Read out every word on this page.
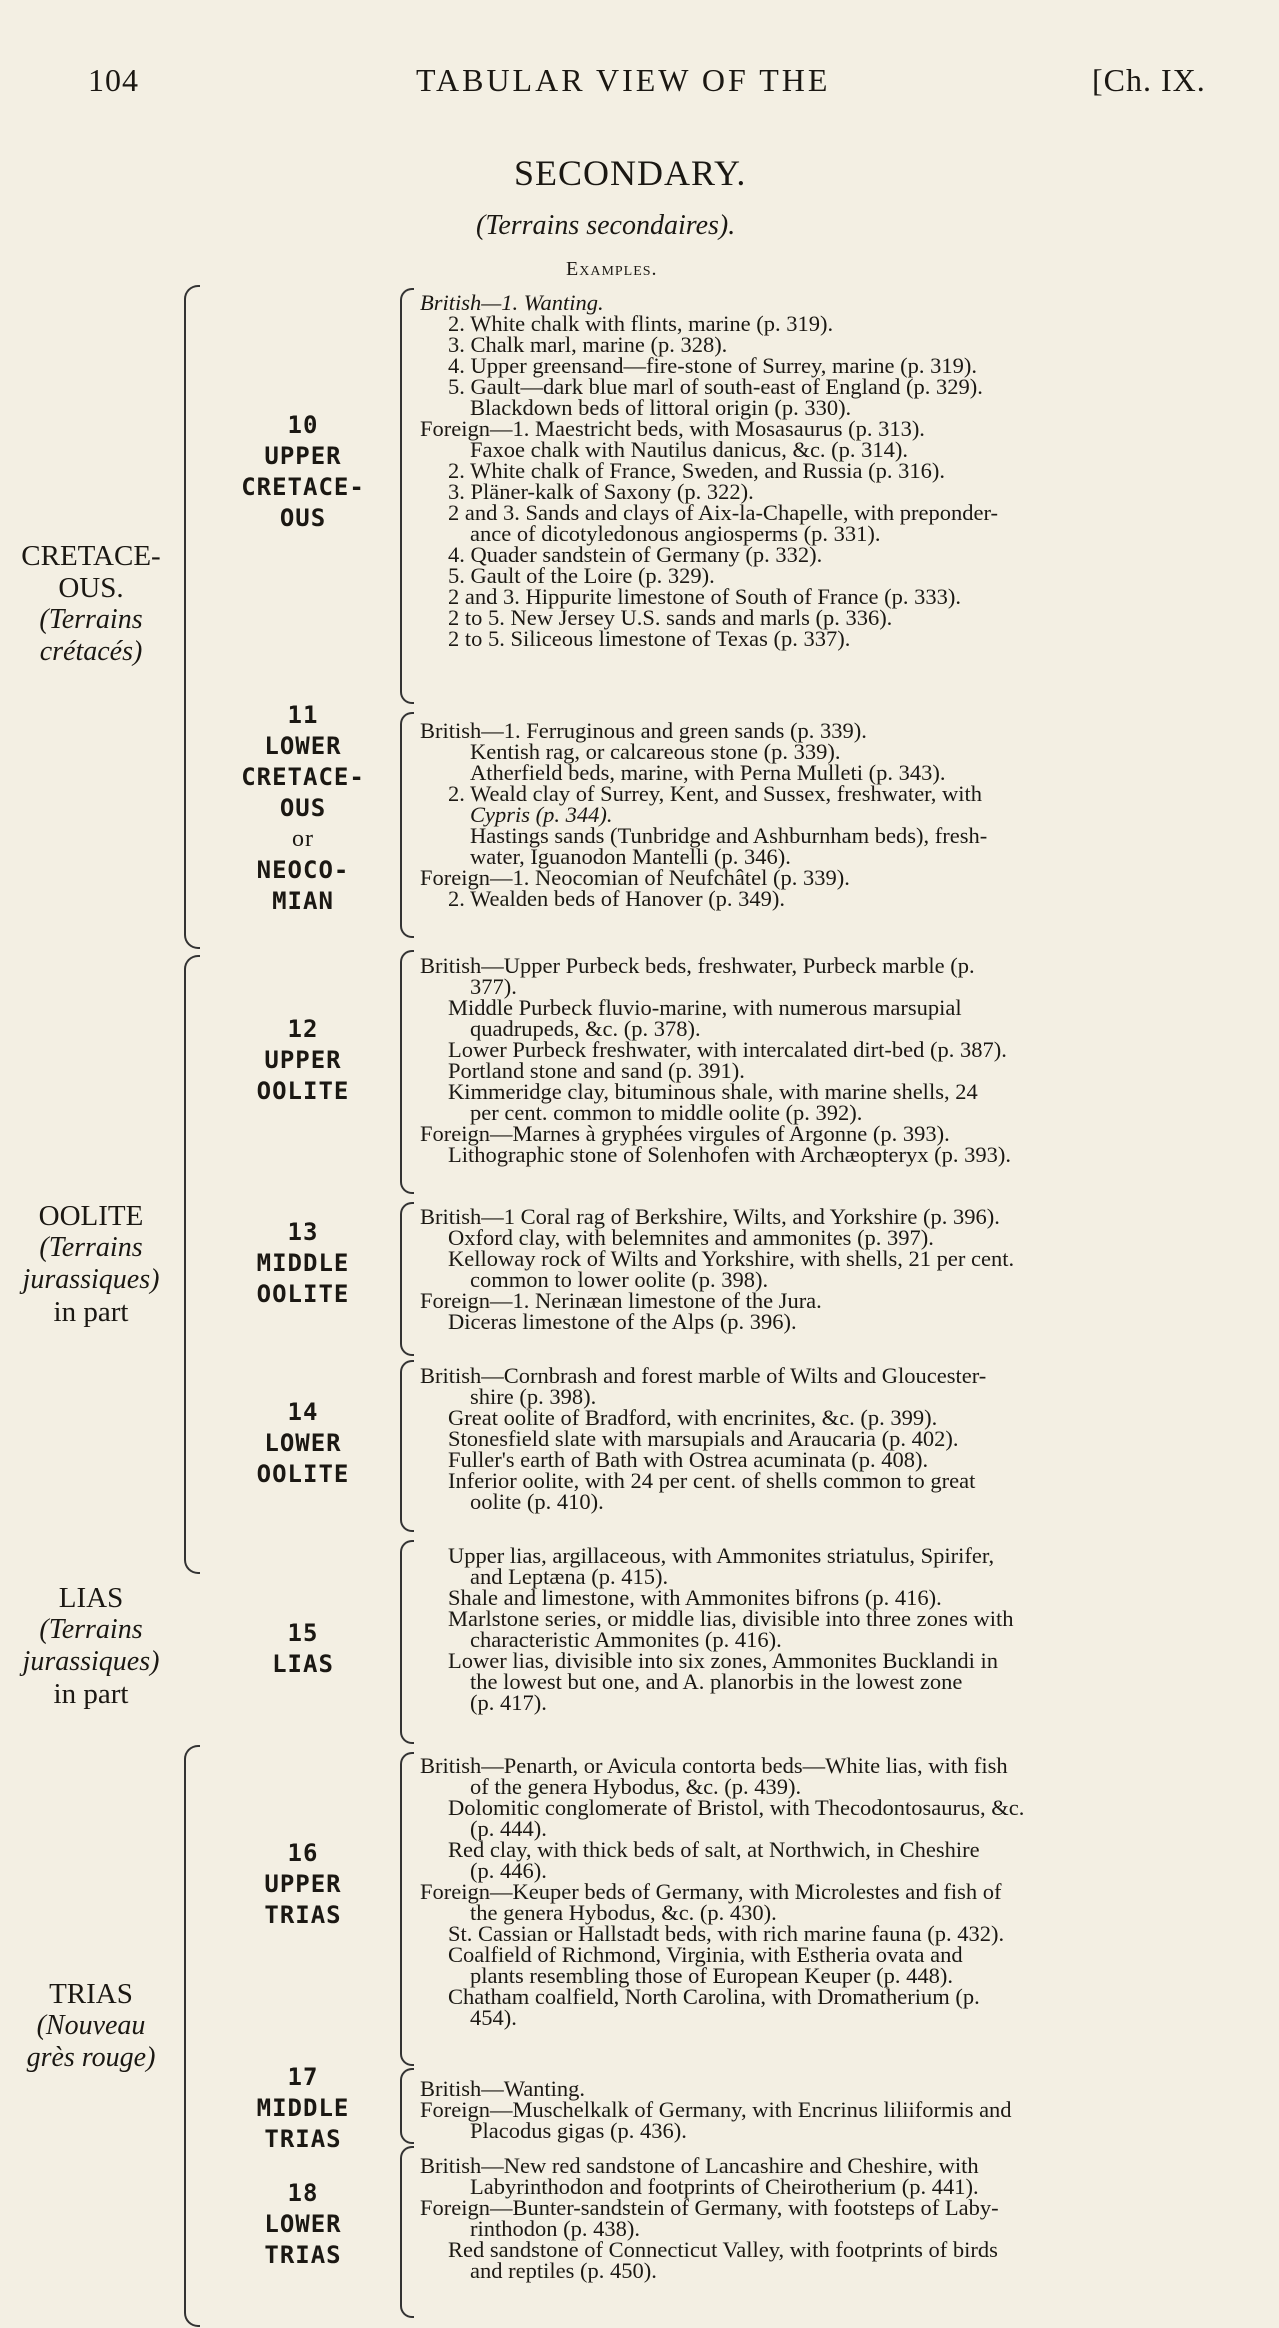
104	TABULAR VIEW OF THE	[Ch. IX.
SECONDARY.
(Terrains secondaires).
Examples.
CRETACE-
OUS.
(Terrains
crétacés)
OOLITE
(Terrains
jurassiques)
in part
LIAS
(Terrains
jurassiques)
in part
TRIAS
(Nouveau
grès rouge)
10
UPPER
CRETACE-
OUS
11
LOWER
CRETACE-
OUS
or
NEOCO-
MIAN
12
UPPER
OOLITE
13
MIDDLE
OOLITE
14
LOWER
OOLITE
15
LIAS
16
UPPER
TRIAS
17
MIDDLE
TRIAS
18
LOWER
TRIAS
British—1. Wanting.
2. White chalk with flints, marine (p. 319).
3. Chalk marl, marine (p. 328).
4. Upper greensand—fire-stone of Surrey, marine (p. 319).
5. Gault—dark blue marl of south-east of England (p. 329).
Blackdown beds of littoral origin (p. 330).
Foreign—1. Maestricht beds, with Mosasaurus (p. 313).
Faxoe chalk with Nautilus danicus, &c. (p. 314).
2. White chalk of France, Sweden, and Russia (p. 316).
3. Pläner-kalk of Saxony (p. 322).
2 and 3. Sands and clays of Aix-la-Chapelle, with preponder-
ance of dicotyledonous angiosperms (p. 331).
4. Quader sandstein of Germany (p. 332).
5. Gault of the Loire (p. 329).
2 and 3. Hippurite limestone of South of France (p. 333).
2 to 5. New Jersey U.S. sands and marls (p. 336).
2 to 5. Siliceous limestone of Texas (p. 337).
British—1. Ferruginous and green sands (p. 339).
Kentish rag, or calcareous stone (p. 339).
Atherfield beds, marine, with Perna Mulleti (p. 343).
2. Weald clay of Surrey, Kent, and Sussex, freshwater, with
Cypris (p. 344).
Hastings sands (Tunbridge and Ashburnham beds), fresh-
water, Iguanodon Mantelli (p. 346).
Foreign—1. Neocomian of Neufchâtel (p. 339).
2. Wealden beds of Hanover (p. 349).
British—Upper Purbeck beds, freshwater, Purbeck marble (p.
377).
Middle Purbeck fluvio-marine, with numerous marsupial
quadrupeds, &c. (p. 378).
Lower Purbeck freshwater, with intercalated dirt-bed (p. 387).
Portland stone and sand (p. 391).
Kimmeridge clay, bituminous shale, with marine shells, 24
per cent. common to middle oolite (p. 392).
Foreign—Marnes à gryphées virgules of Argonne (p. 393).
Lithographic stone of Solenhofen with Archæopteryx (p. 393).
British—1 Coral rag of Berkshire, Wilts, and Yorkshire (p. 396).
Oxford clay, with belemnites and ammonites (p. 397).
Kelloway rock of Wilts and Yorkshire, with shells, 21 per cent.
common to lower oolite (p. 398).
Foreign—1. Nerinæan limestone of the Jura.
Diceras limestone of the Alps (p. 396).
British—Cornbrash and forest marble of Wilts and Gloucester-
shire (p. 398).
Great oolite of Bradford, with encrinites, &c. (p. 399).
Stonesfield slate with marsupials and Araucaria (p. 402).
Fuller's earth of Bath with Ostrea acuminata (p. 408).
Inferior oolite, with 24 per cent. of shells common to great
oolite (p. 410).
Upper lias, argillaceous, with Ammonites striatulus, Spirifer,
and Leptæna (p. 415).
Shale and limestone, with Ammonites bifrons (p. 416).
Marlstone series, or middle lias, divisible into three zones with
characteristic Ammonites (p. 416).
Lower lias, divisible into six zones, Ammonites Bucklandi in
the lowest but one, and A. planorbis in the lowest zone
(p. 417).
British—Penarth, or Avicula contorta beds—White lias, with fish
of the genera Hybodus, &c. (p. 439).
Dolomitic conglomerate of Bristol, with Thecodontosaurus, &c.
(p. 444).
Red clay, with thick beds of salt, at Northwich, in Cheshire
(p. 446).
Foreign—Keuper beds of Germany, with Microlestes and fish of
the genera Hybodus, &c. (p. 430).
St. Cassian or Hallstadt beds, with rich marine fauna (p. 432).
Coalfield of Richmond, Virginia, with Estheria ovata and
plants resembling those of European Keuper (p. 448).
Chatham coalfield, North Carolina, with Dromatherium (p.
454).
British—Wanting.
Foreign—Muschelkalk of Germany, with Encrinus liliiformis and
Placodus gigas (p. 436).
British—New red sandstone of Lancashire and Cheshire, with
Labyrinthodon and footprints of Cheirotherium (p. 441).
Foreign—Bunter-sandstein of Germany, with footsteps of Laby-
rinthodon (p. 438).
Red sandstone of Connecticut Valley, with footprints of birds
and reptiles (p. 450).
